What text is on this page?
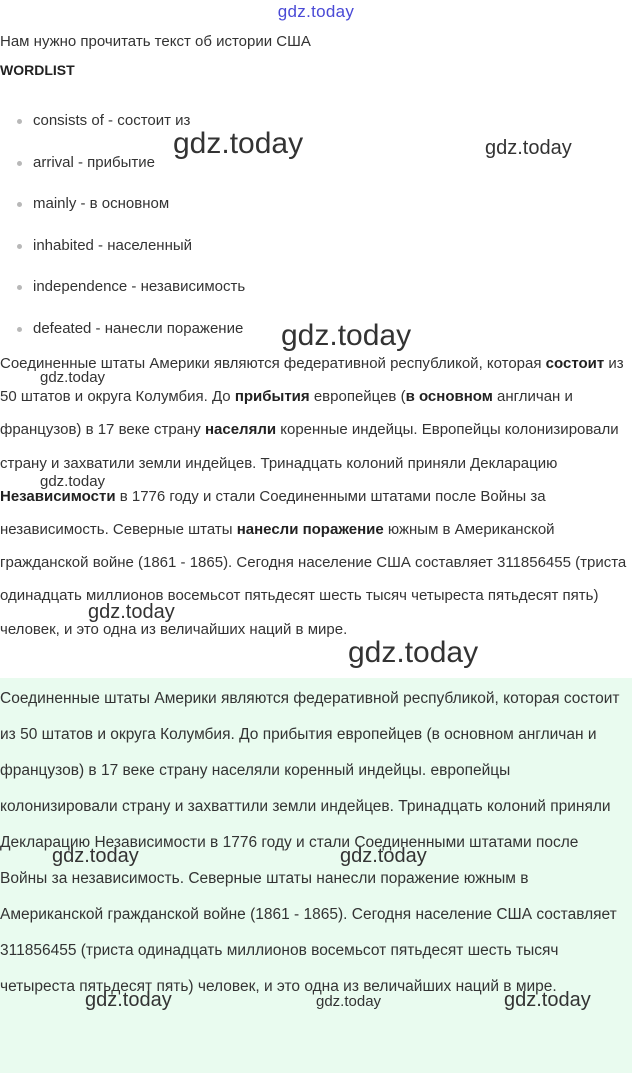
gdz.today
Нам нужно прочитать текст об истории США
WORDLIST
consists of - состоит из
arrival - прибытие
mainly - в основном
inhabited - населенный
independence - независимость
defeated - нанесли поражение
Соединенные штаты Америки являются федеративной республикой, которая состоит из 50 штатов и округа Колумбия. До прибытия европейцев (в основном англичан и французов) в 17 веке страну населяли коренные индейцы. Европейцы колонизировали страну и захватили земли индейцев. Тринадцать колоний приняли Декларацию Независимости в 1776 году и стали Соединенными штатами после Войны за независимость. Северные штаты нанесли поражение южным в Американской гражданской войне (1861 - 1865). Сегодня население США составляет 311856455 (триста одинадцать миллионов восемьсот пятьдесят шесть тысяч четыреста пятьдесят пять) человек, и это одна из величайших наций в мире.
Соединенные штаты Америки являются федеративной республикой, которая состоит из 50 штатов и округа Колумбия. До прибытия европейцев (в основном англичан и французов) в 17 веке страну населяли коренный индейцы. европейцы колонизировали страну и захваттили земли индейцев. Тринадцать колоний приняли Декларацию Независимости в 1776 году и стали Соединенными штатами после Войны за независимость. Северные штаты нанесли поражение южным в Американской гражданской войне (1861 - 1865). Сегодня население США составляет 311856455 (триста одинадцать миллионов восемьсот пятьдесят шесть тысяч четыреста пятьдесят пять) человек, и это одна из величайших наций в мире.
gdz.today	gdz.today
gdz.today
gdz.today
gdz.today
gdz.today
gdz.today
gdz.today	gdz.today
gdz.today	gdz.today	gdz.today
